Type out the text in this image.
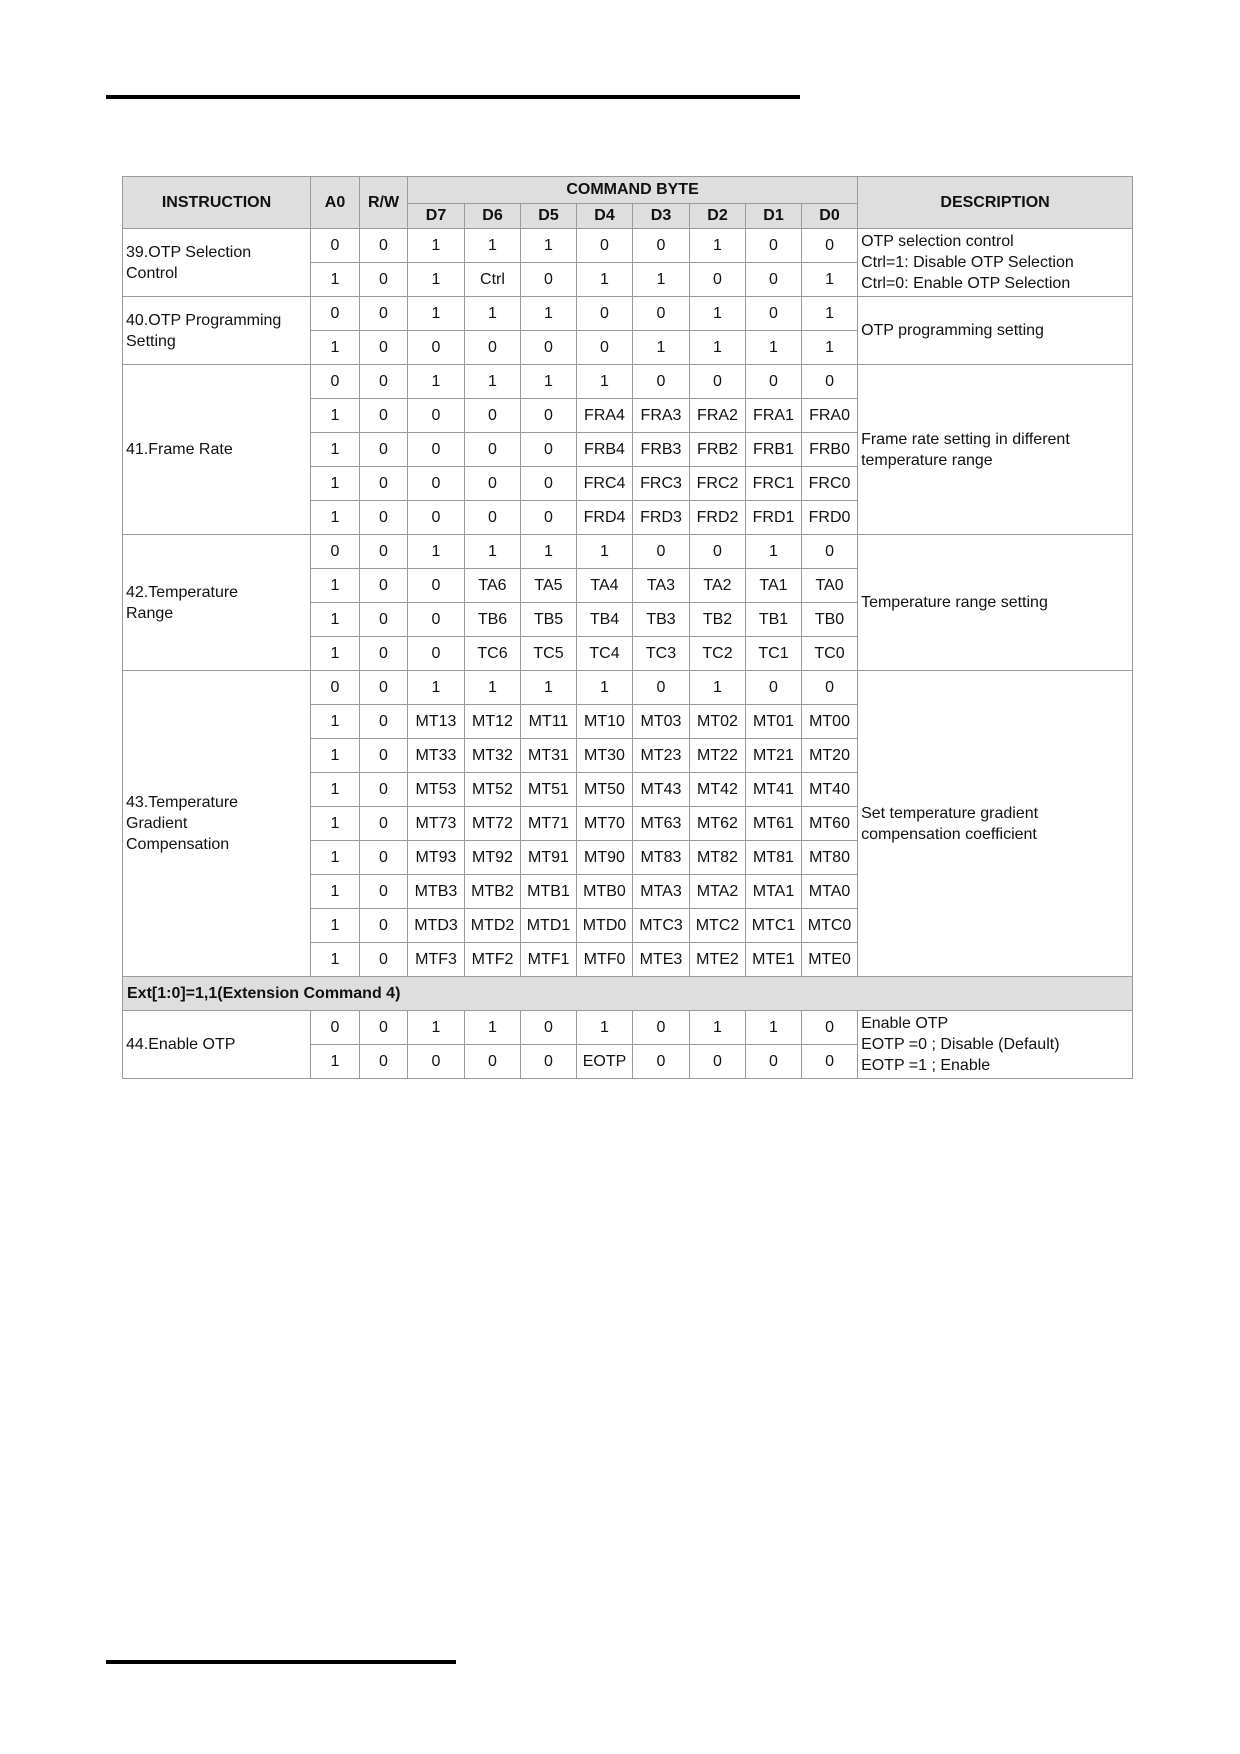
INSTRUCTION	A0	R/W	COMMAND BYTE								DESCRIPTION
			D7	D6	D5	D4	D3	D2	D1	D0	

39.OTP Selection
Control	0	0	1	1	1	0	0	1	0	0	OTP selection control
Ctrl=1: Disable OTP Selection
Ctrl=0: Enable OTP Selection

	1	0	1	Ctrl	0	1	1	0	0	1	

40.OTP Programming
Setting	0	0	1	1	1	0	0	1	0	1	OTP programming setting

	1	0	0	0	0	0	1	1	1	1	

41.Frame Rate	0	0	1	1	1	1	0	0	0	0	Frame rate setting in different
temperature range

	1	0	0	0	0	FRA4	FRA3	FRA2	FRA1	FRA0	
	1	0	0	0	0	FRB4	FRB3	FRB2	FRB1	FRB0	
	1	0	0	0	0	FRC4	FRC3	FRC2	FRC1	FRC0	
	1	0	0	0	0	FRD4	FRD3	FRD2	FRD1	FRD0	

42.Temperature
Range	0	0	1	1	1	1	0	0	1	0	Temperature range setting

	1	0	0	TA6	TA5	TA4	TA3	TA2	TA1	TA0	
	1	0	0	TB6	TB5	TB4	TB3	TB2	TB1	TB0	
	1	0	0	TC6	TC5	TC4	TC3	TC2	TC1	TC0	

43.Temperature
Gradient
Compensation	0	0	1	1	1	1	0	1	0	0	Set temperature gradient
compensation coefficient

	1	0	MT13	MT12	MT11	MT10	MT03	MT02	MT01	MT00	
	1	0	MT33	MT32	MT31	MT30	MT23	MT22	MT21	MT20	
	1	0	MT53	MT52	MT51	MT50	MT43	MT42	MT41	MT40	
	1	0	MT73	MT72	MT71	MT70	MT63	MT62	MT61	MT60	
	1	0	MT93	MT92	MT91	MT90	MT83	MT82	MT81	MT80	
	1	0	MTB3	MTB2	MTB1	MTB0	MTA3	MTA2	MTA1	MTA0	
	1	0	MTD3	MTD2	MTD1	MTD0	MTC3	MTC2	MTC1	MTC0	
	1	0	MTF3	MTF2	MTF1	MTF0	MTE3	MTE2	MTE1	MTE0	
Ext[1:0]=1,1(Extension Command 4)											

44.Enable OTP	0	0	1	1	0	1	0	1	1	0	Enable OTP
EOTP =0 ; Disable (Default)
EOTP =1 ; Enable

	1	0	0	0	0	EOTP	0	0	0	0	
